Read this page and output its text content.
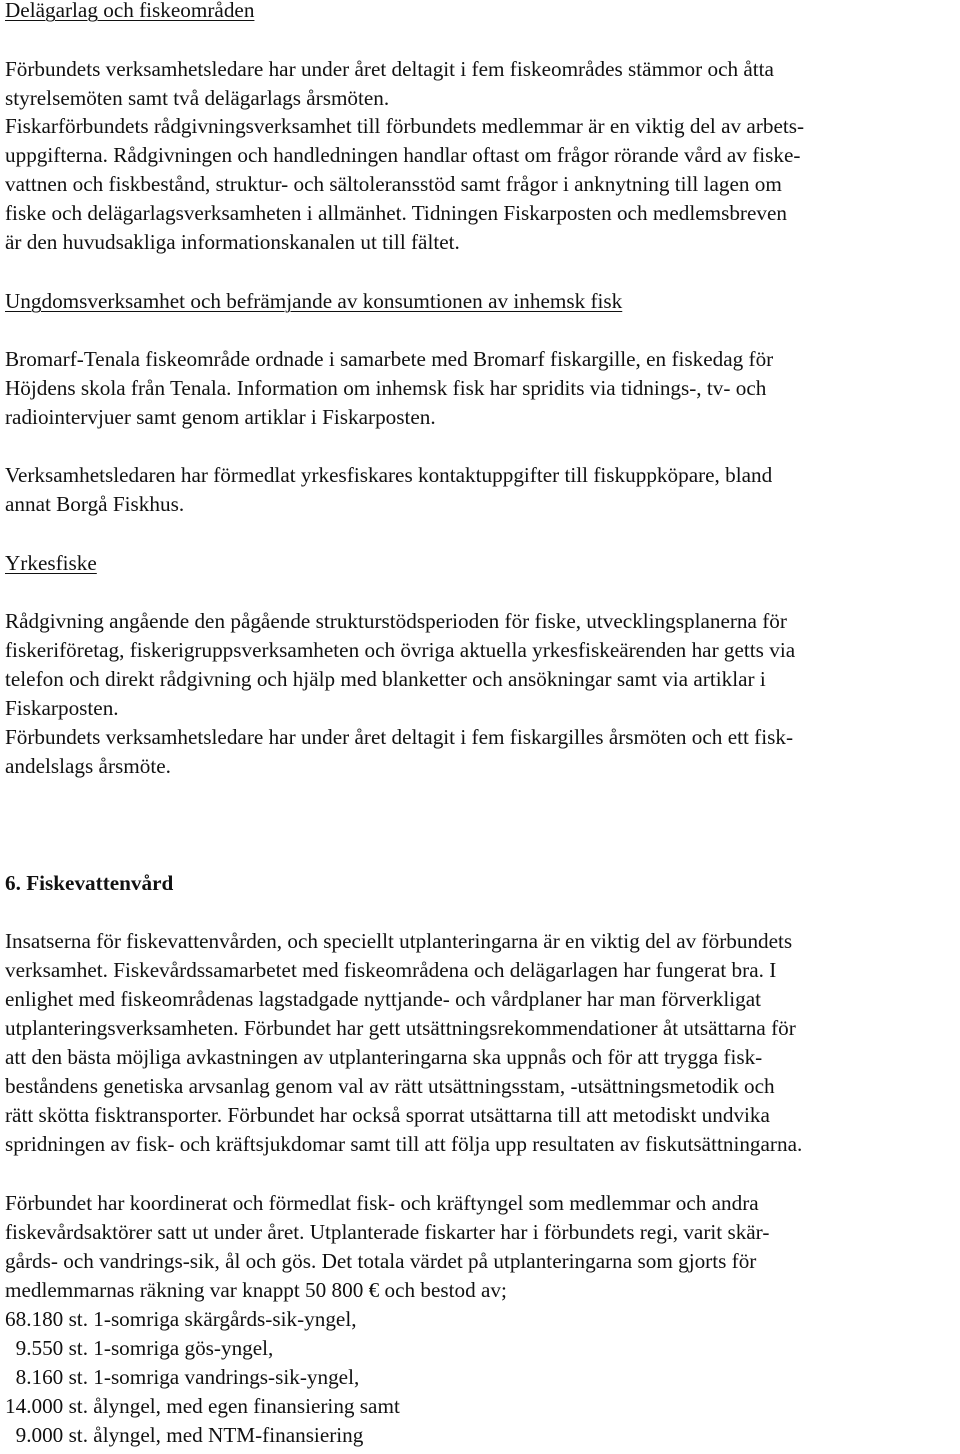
Delägarlag och fiskeområden
Förbundets verksamhetsledare har under året deltagit i fem fiskeområdes stämmor och åtta
styrelsemöten samt två delägarlags årsmöten.
Fiskarförbundets rådgivningsverksamhet till förbundets medlemmar är en viktig del av arbets-
uppgifterna. Rådgivningen och handledningen handlar oftast om frågor rörande vård av fiske-
vattnen och fiskbestånd, struktur- och sältoleransstöd samt frågor i anknytning till lagen om
fiske och delägarlagsverksamheten i allmänhet. Tidningen Fiskarposten och medlemsbreven
är den huvudsakliga informationskanalen ut till fältet.
Ungdomsverksamhet och befrämjande av konsumtionen av inhemsk fisk
Bromarf-Tenala fiskeområde ordnade i samarbete med Bromarf fiskargille, en fiskedag för
Höjdens skola från Tenala. Information om inhemsk fisk har spridits via tidnings-, tv- och
radiointervjuer samt genom artiklar i Fiskarposten.
Verksamhetsledaren har förmedlat yrkesfiskares kontaktuppgifter till fiskuppköpare, bland
annat Borgå Fiskhus.
Yrkesfiske
Rådgivning angående den pågående strukturstödsperioden för fiske, utvecklingsplanerna för
fiskeriföretag, fiskerigruppsverksamheten och övriga aktuella yrkesfiskeärenden har getts via
telefon och direkt rådgivning och hjälp med blanketter och ansökningar samt via artiklar i
Fiskarposten.
Förbundets verksamhetsledare har under året deltagit i fem fiskargilles årsmöten och ett fisk-
andelslags årsmöte.
6. Fiskevattenvård
Insatserna för fiskevattenvården, och speciellt utplanteringarna är en viktig del av förbundets
verksamhet. Fiskevårdssamarbetet med fiskeområdena och delägarlagen har fungerat bra. I
enlighet med fiskeområdenas lagstadgade nyttjande- och vårdplaner har man förverkligat
utplanteringsverksamheten. Förbundet har gett utsättningsrekommendationer åt utsättarna för
att den bästa möjliga avkastningen av utplanteringarna ska uppnås och för att trygga fisk-
beståndens genetiska arvsanlag genom val av rätt utsättningsstam, -utsättningsmetodik och
rätt skötta fisktransporter. Förbundet har också sporrat utsättarna till att metodiskt undvika
spridningen av fisk- och kräftsjukdomar samt till att följa upp resultaten av fiskutsättningarna.
Förbundet har koordinerat och förmedlat fisk- och kräftyngel som medlemmar och andra
fiskevårdsaktörer satt ut under året. Utplanterade fiskarter har i förbundets regi, varit skär-
gårds- och vandrings-sik, ål och gös. Det totala värdet på utplanteringarna som gjorts för
medlemmarnas räkning var knappt 50 800 € och bestod av;
68.180 st. 1-somriga skärgårds-sik-yngel,
9.550 st. 1-somriga gös-yngel,
8.160 st. 1-somriga vandrings-sik-yngel,
14.000 st. ålyngel, med egen finansiering samt
9.000 st. ålyngel, med NTM-finansiering
